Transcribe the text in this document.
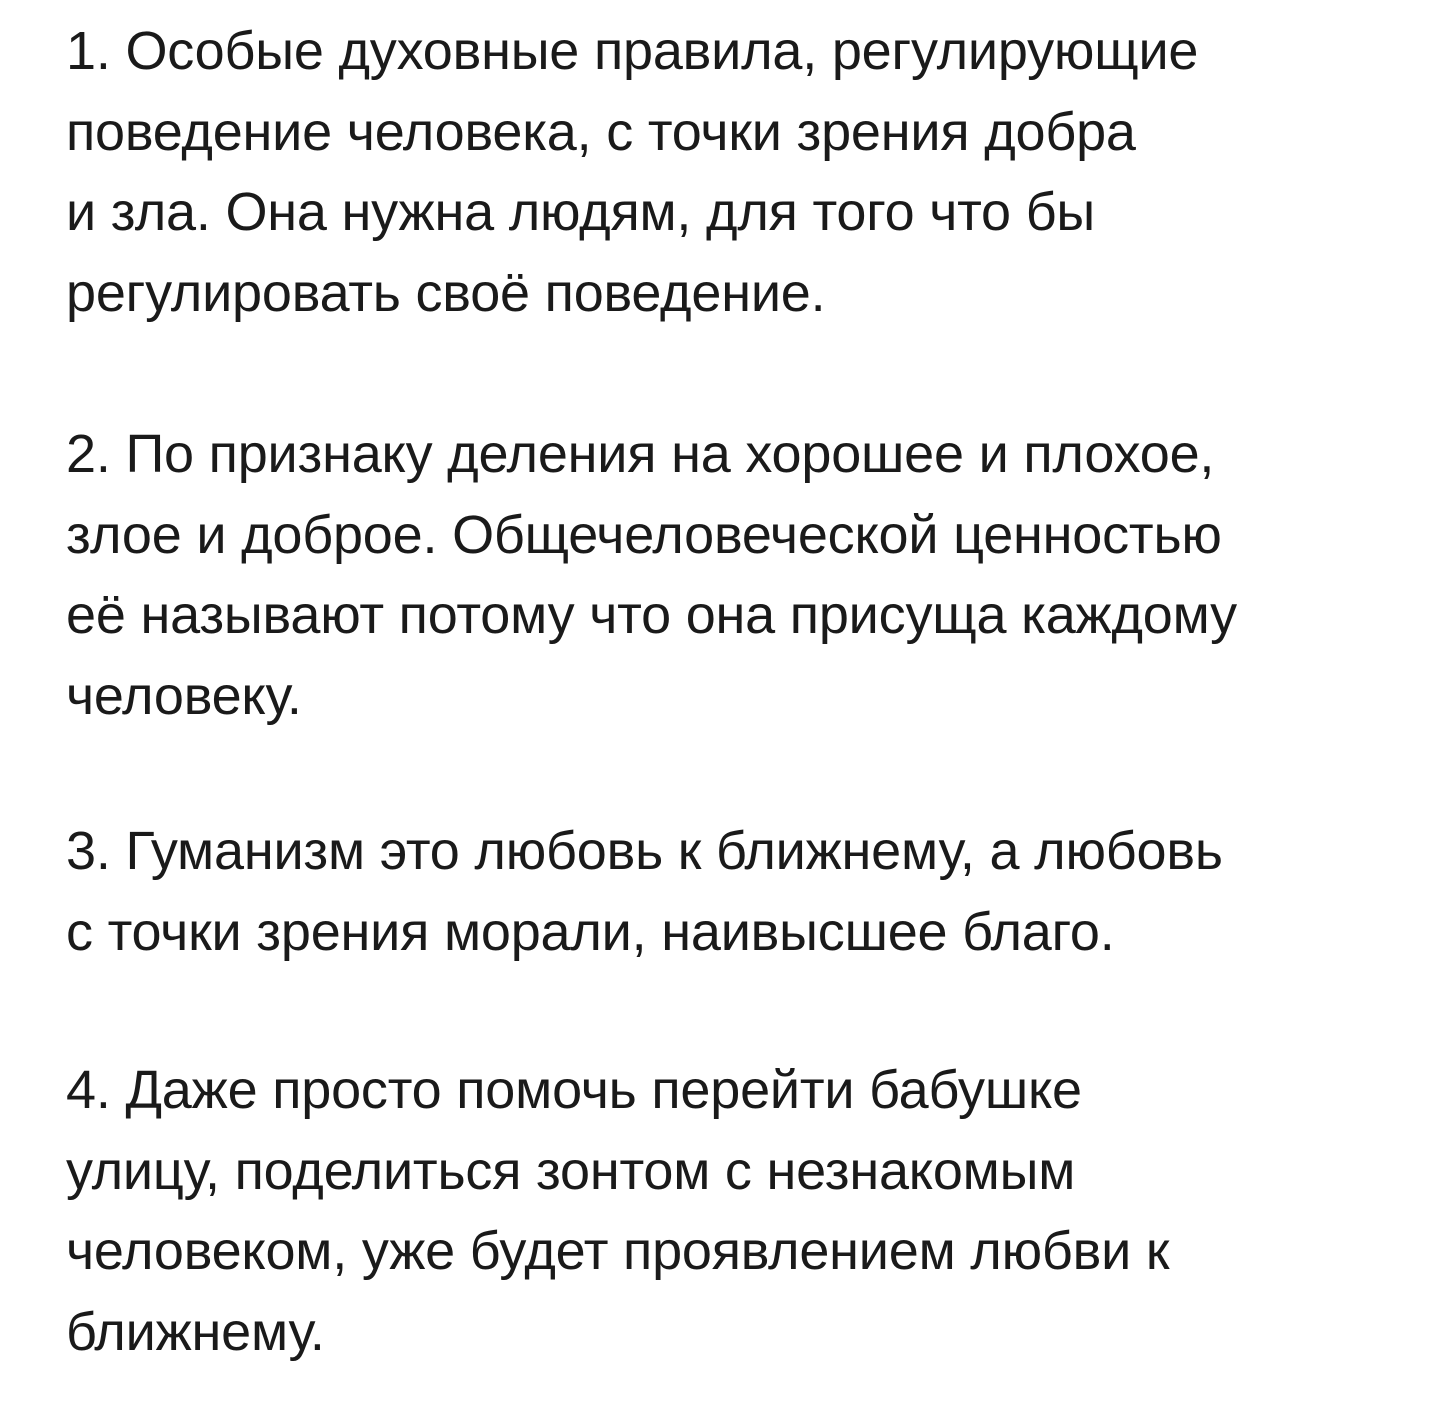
1. Особые духовные правила, регулирующие
поведение человека, с точки зрения добра
и зла. Она нужна людям, для того что бы
регулировать своё поведение.
2. По признаку деления на хорошее и плохое,
злое и доброе. Общечеловеческой ценностью
её называют потому что она присуща каждому
человеку.
3. Гуманизм это любовь к ближнему, а любовь
с точки зрения морали, наивысшее благо.
4. Даже просто помочь перейти бабушке
улицу, поделиться зонтом с незнакомым
человеком, уже будет проявлением любви к
ближнему.
